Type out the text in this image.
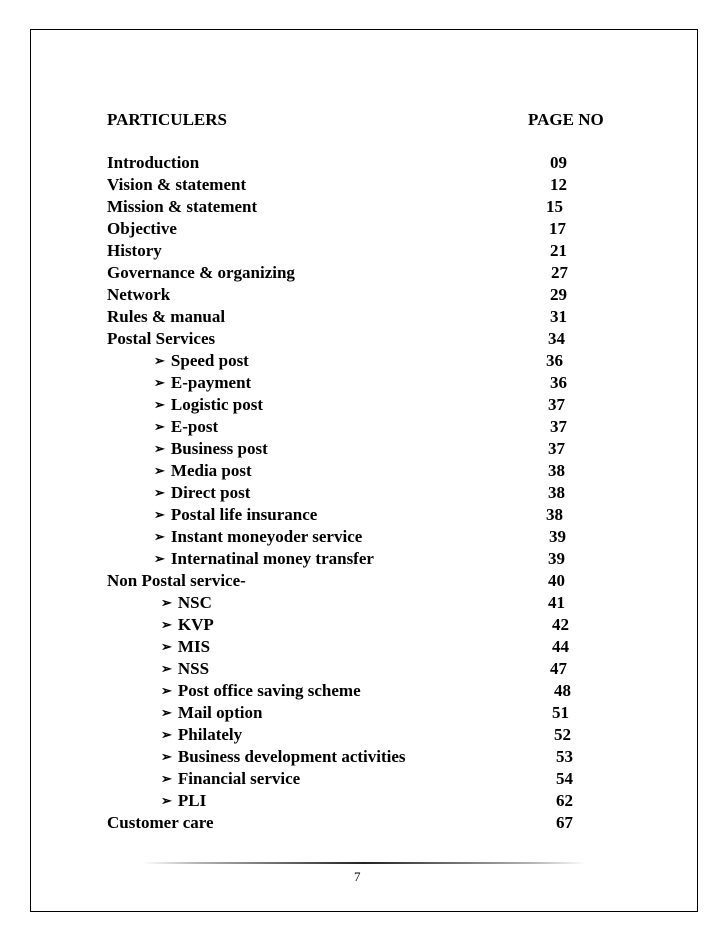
PARTICULERS	PAGE NO
Introduction	09
Vision & statement	12
Mission & statement	15
Objective	17
History	21
Governance & organizing	27
Network	29
Rules & manual	31
Postal Services	34
➢ Speed post	36
➢ E-payment	36
➢ Logistic post	37
➢ E-post	37
➢ Business post	37
➢ Media post	38
➢ Direct post	38
➢ Postal life insurance	38
➢ Instant moneyoder service	39
➢ Internatinal money transfer	39
Non Postal service-	40
➢ NSC	41
➢ KVP	42
➢ MIS	44
➢ NSS	47
➢ Post office saving scheme	48
➢ Mail option	51
➢ Philately	52
➢ Business development activities	53
➢ Financial service	54
➢ PLI	62
Customer care	67
7
